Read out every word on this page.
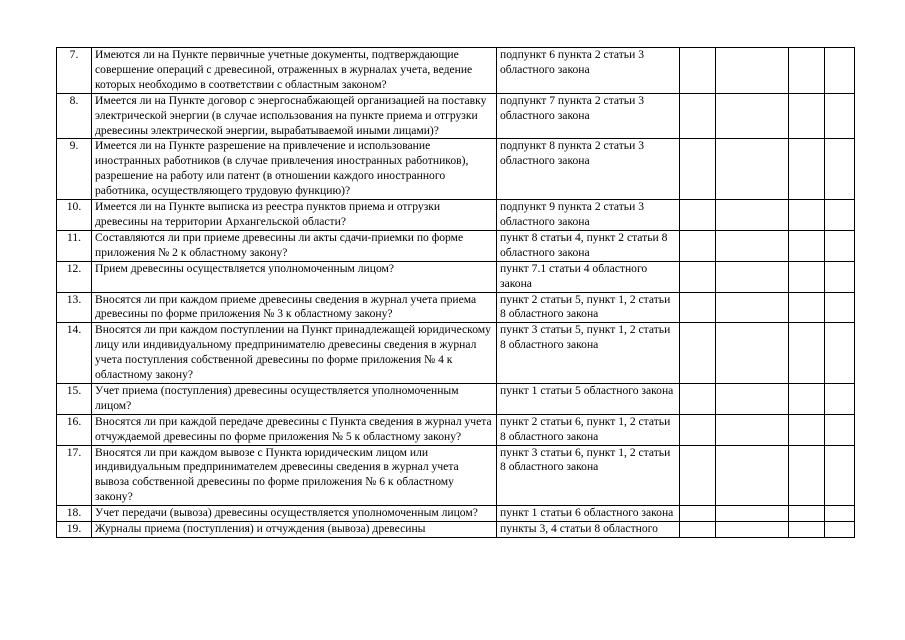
7.	Имеются ли на Пункте первичные учетные документы, подтверждающие совершение операций с древесиной, отраженных в журналах учета, ведение которых необходимо в соответствии с областным законом?	подпункт 6 пункта 2 статьи 3 областного закона				
8.	Имеется ли на Пункте договор с энергоснабжающей организацией на поставку электрической энергии (в случае использования на пункте приема и отгрузки древесины электрической энергии, вырабатываемой иными лицами)?	подпункт 7 пункта 2 статьи 3 областного закона				
9.	Имеется ли на Пункте разрешение на привлечение и использование иностранных работников (в случае привлечения иностранных работников), разрешение на работу или патент (в отношении каждого иностранного работника, осуществляющего трудовую функцию)?	подпункт 8 пункта 2 статьи 3 областного закона				
10.	Имеется ли на Пункте выписка из реестра пунктов приема и отгрузки древесины на территории Архангельской области?	подпункт 9 пункта 2 статьи 3 областного закона				
11.	Составляются ли при приеме древесины ли акты сдачи-приемки по форме приложения № 2 к областному закону?	пункт 8 статьи 4, пункт 2 статьи 8 областного закона				
12.	Прием древесины осуществляется уполномоченным лицом?	пункт 7.1 статьи 4 областного закона				
13.	Вносятся ли при каждом приеме древесины сведения в журнал учета приема древесины по форме приложения № 3 к областному закону?	пункт 2 статьи 5, пункт 1, 2 статьи 8 областного закона				
14.	Вносятся ли при каждом поступлении на Пункт принадлежащей юридическому лицу или индивидуальному предпринимателю древесины сведения в журнал учета поступления собственной древесины по форме приложения № 4 к областному закону?	пункт 3 статьи 5, пункт 1, 2 статьи 8 областного закона				
15.	Учет приема (поступления) древесины осуществляется уполномоченным лицом?	пункт 1 статьи 5 областного закона				
16.	Вносятся ли при каждой передаче древесины с Пункта сведения в журнал учета отчуждаемой древесины по форме приложения № 5 к областному закону?	пункт 2 статьи 6, пункт 1, 2 статьи 8 областного закона				
17.	Вносятся ли при каждом вывозе с Пункта юридическим лицом или индивидуальным предпринимателем древесины сведения в журнал учета вывоза собственной древесины по форме приложения № 6 к областному закону?	пункт 3 статьи 6, пункт 1, 2 статьи 8 областного закона				
18.	Учет передачи (вывоза) древесины осуществляется уполномоченным лицом?	пункт 1 статьи 6 областного закона				
19.	Журналы приема (поступления) и отчуждения (вывоза) древесины	пункты 3, 4 статьи 8 областного				
